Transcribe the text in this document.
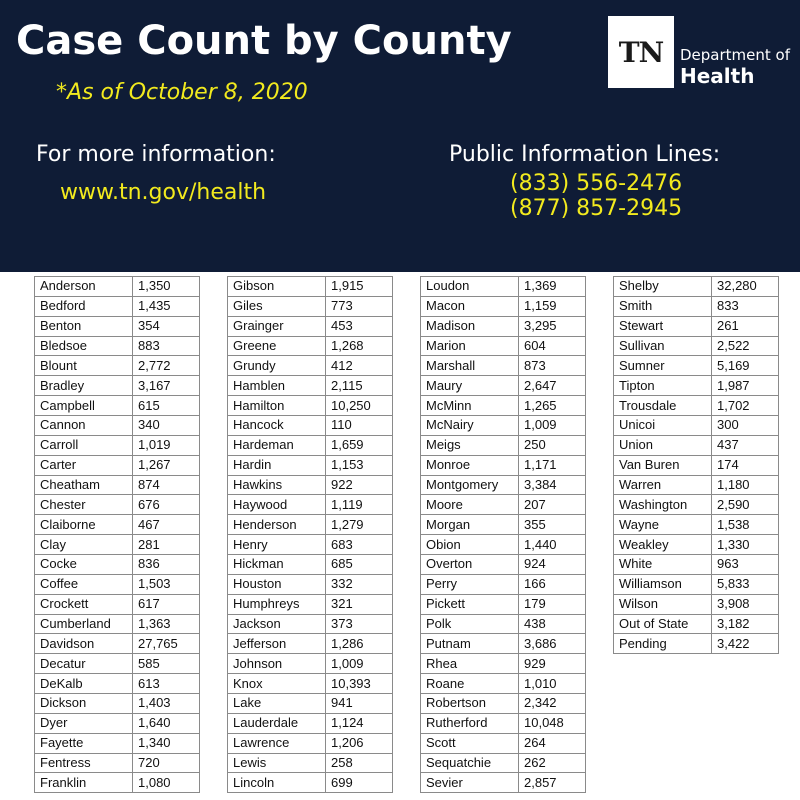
Case Count by County
*As of October 8, 2020
For more information:
www.tn.gov/health
Public Information Lines:
(833) 556-2476
(877) 857-2945
TN Department of
Health
Anderson	1,350
Bedford	1,435
Benton	354
Bledsoe	883
Blount	2,772
Bradley	3,167
Campbell	615
Cannon	340
Carroll	1,019
Carter	1,267
Cheatham	874
Chester	676
Claiborne	467
Clay	281
Cocke	836
Coffee	1,503
Crockett	617
Cumberland	1,363
Davidson	27,765
Decatur	585
DeKalb	613
Dickson	1,403
Dyer	1,640
Fayette	1,340
Fentress	720
Franklin	1,080
Gibson	1,915
Giles	773
Grainger	453
Greene	1,268
Grundy	412
Hamblen	2,115
Hamilton	10,250
Hancock	110
Hardeman	1,659
Hardin	1,153
Hawkins	922
Haywood	1,119
Henderson	1,279
Henry	683
Hickman	685
Houston	332
Humphreys	321
Jackson	373
Jefferson	1,286
Johnson	1,009
Knox	10,393
Lake	941
Lauderdale	1,124
Lawrence	1,206
Lewis	258
Lincoln	699
Loudon	1,369
Macon	1,159
Madison	3,295
Marion	604
Marshall	873
Maury	2,647
McMinn	1,265
McNairy	1,009
Meigs	250
Monroe	1,171
Montgomery	3,384
Moore	207
Morgan	355
Obion	1,440
Overton	924
Perry	166
Pickett	179
Polk	438
Putnam	3,686
Rhea	929
Roane	1,010
Robertson	2,342
Rutherford	10,048
Scott	264
Sequatchie	262
Sevier	2,857
Shelby	32,280
Smith	833
Stewart	261
Sullivan	2,522
Sumner	5,169
Tipton	1,987
Trousdale	1,702
Unicoi	300
Union	437
Van Buren	174
Warren	1,180
Washington	2,590
Wayne	1,538
Weakley	1,330
White	963
Williamson	5,833
Wilson	3,908
Out of State	3,182
Pending	3,422
